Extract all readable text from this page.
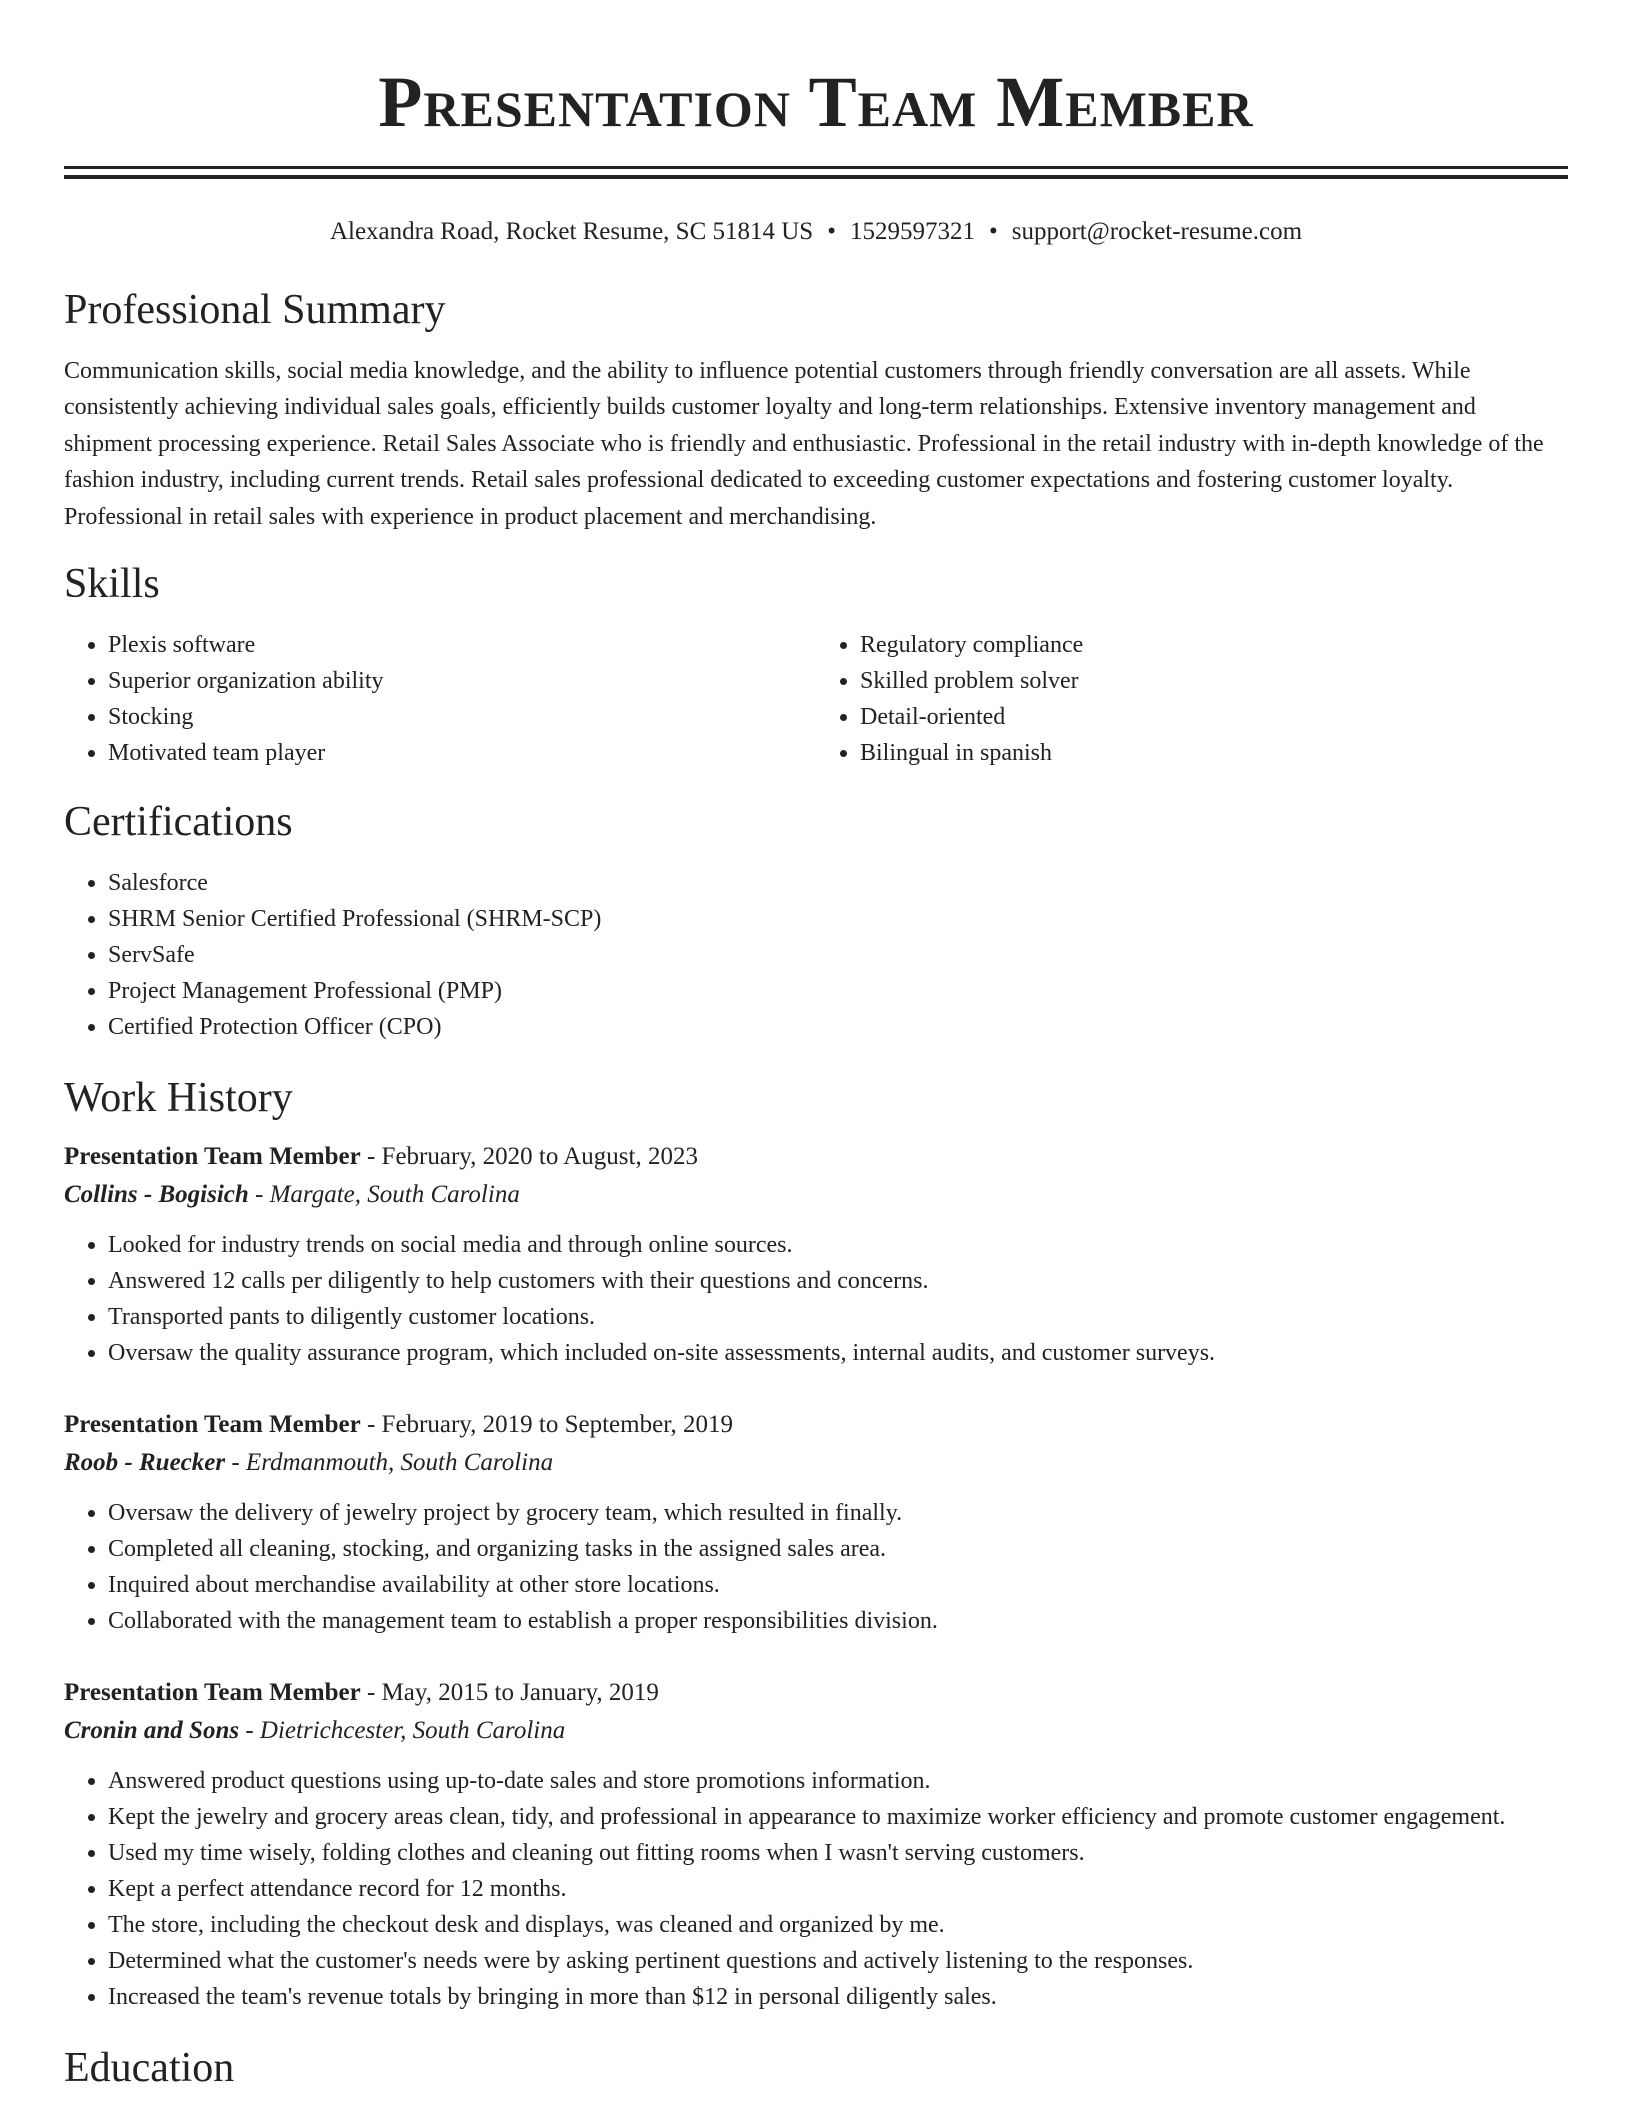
Presentation Team Member
Alexandra Road, Rocket Resume, SC 51814 US • 1529597321 • support@rocket-resume.com
Professional Summary
Communication skills, social media knowledge, and the ability to influence potential customers through friendly conversation are all assets. While consistently achieving individual sales goals, efficiently builds customer loyalty and long-term relationships. Extensive inventory management and shipment processing experience. Retail Sales Associate who is friendly and enthusiastic. Professional in the retail industry with in-depth knowledge of the fashion industry, including current trends. Retail sales professional dedicated to exceeding customer expectations and fostering customer loyalty. Professional in retail sales with experience in product placement and merchandising.
Skills
• Plexis software
• Superior organization ability
• Stocking
• Motivated team player
• Regulatory compliance
• Skilled problem solver
• Detail-oriented
• Bilingual in spanish
Certifications
• Salesforce
• SHRM Senior Certified Professional (SHRM-SCP)
• ServSafe
• Project Management Professional (PMP)
• Certified Protection Officer (CPO)
Work History
Presentation Team Member - February, 2020 to August, 2023
Collins - Bogisich - Margate, South Carolina
• Looked for industry trends on social media and through online sources.
• Answered 12 calls per diligently to help customers with their questions and concerns.
• Transported pants to diligently customer locations.
• Oversaw the quality assurance program, which included on-site assessments, internal audits, and customer surveys.
Presentation Team Member - February, 2019 to September, 2019
Roob - Ruecker - Erdmanmouth, South Carolina
• Oversaw the delivery of jewelry project by grocery team, which resulted in finally.
• Completed all cleaning, stocking, and organizing tasks in the assigned sales area.
• Inquired about merchandise availability at other store locations.
• Collaborated with the management team to establish a proper responsibilities division.
Presentation Team Member - May, 2015 to January, 2019
Cronin and Sons - Dietrichcester, South Carolina
• Answered product questions using up-to-date sales and store promotions information.
• Kept the jewelry and grocery areas clean, tidy, and professional in appearance to maximize worker efficiency and promote customer engagement.
• Used my time wisely, folding clothes and cleaning out fitting rooms when I wasn't serving customers.
• Kept a perfect attendance record for 12 months.
• The store, including the checkout desk and displays, was cleaned and organized by me.
• Determined what the customer's needs were by asking pertinent questions and actively listening to the responses.
• Increased the team's revenue totals by bringing in more than $12 in personal diligently sales.
Education
